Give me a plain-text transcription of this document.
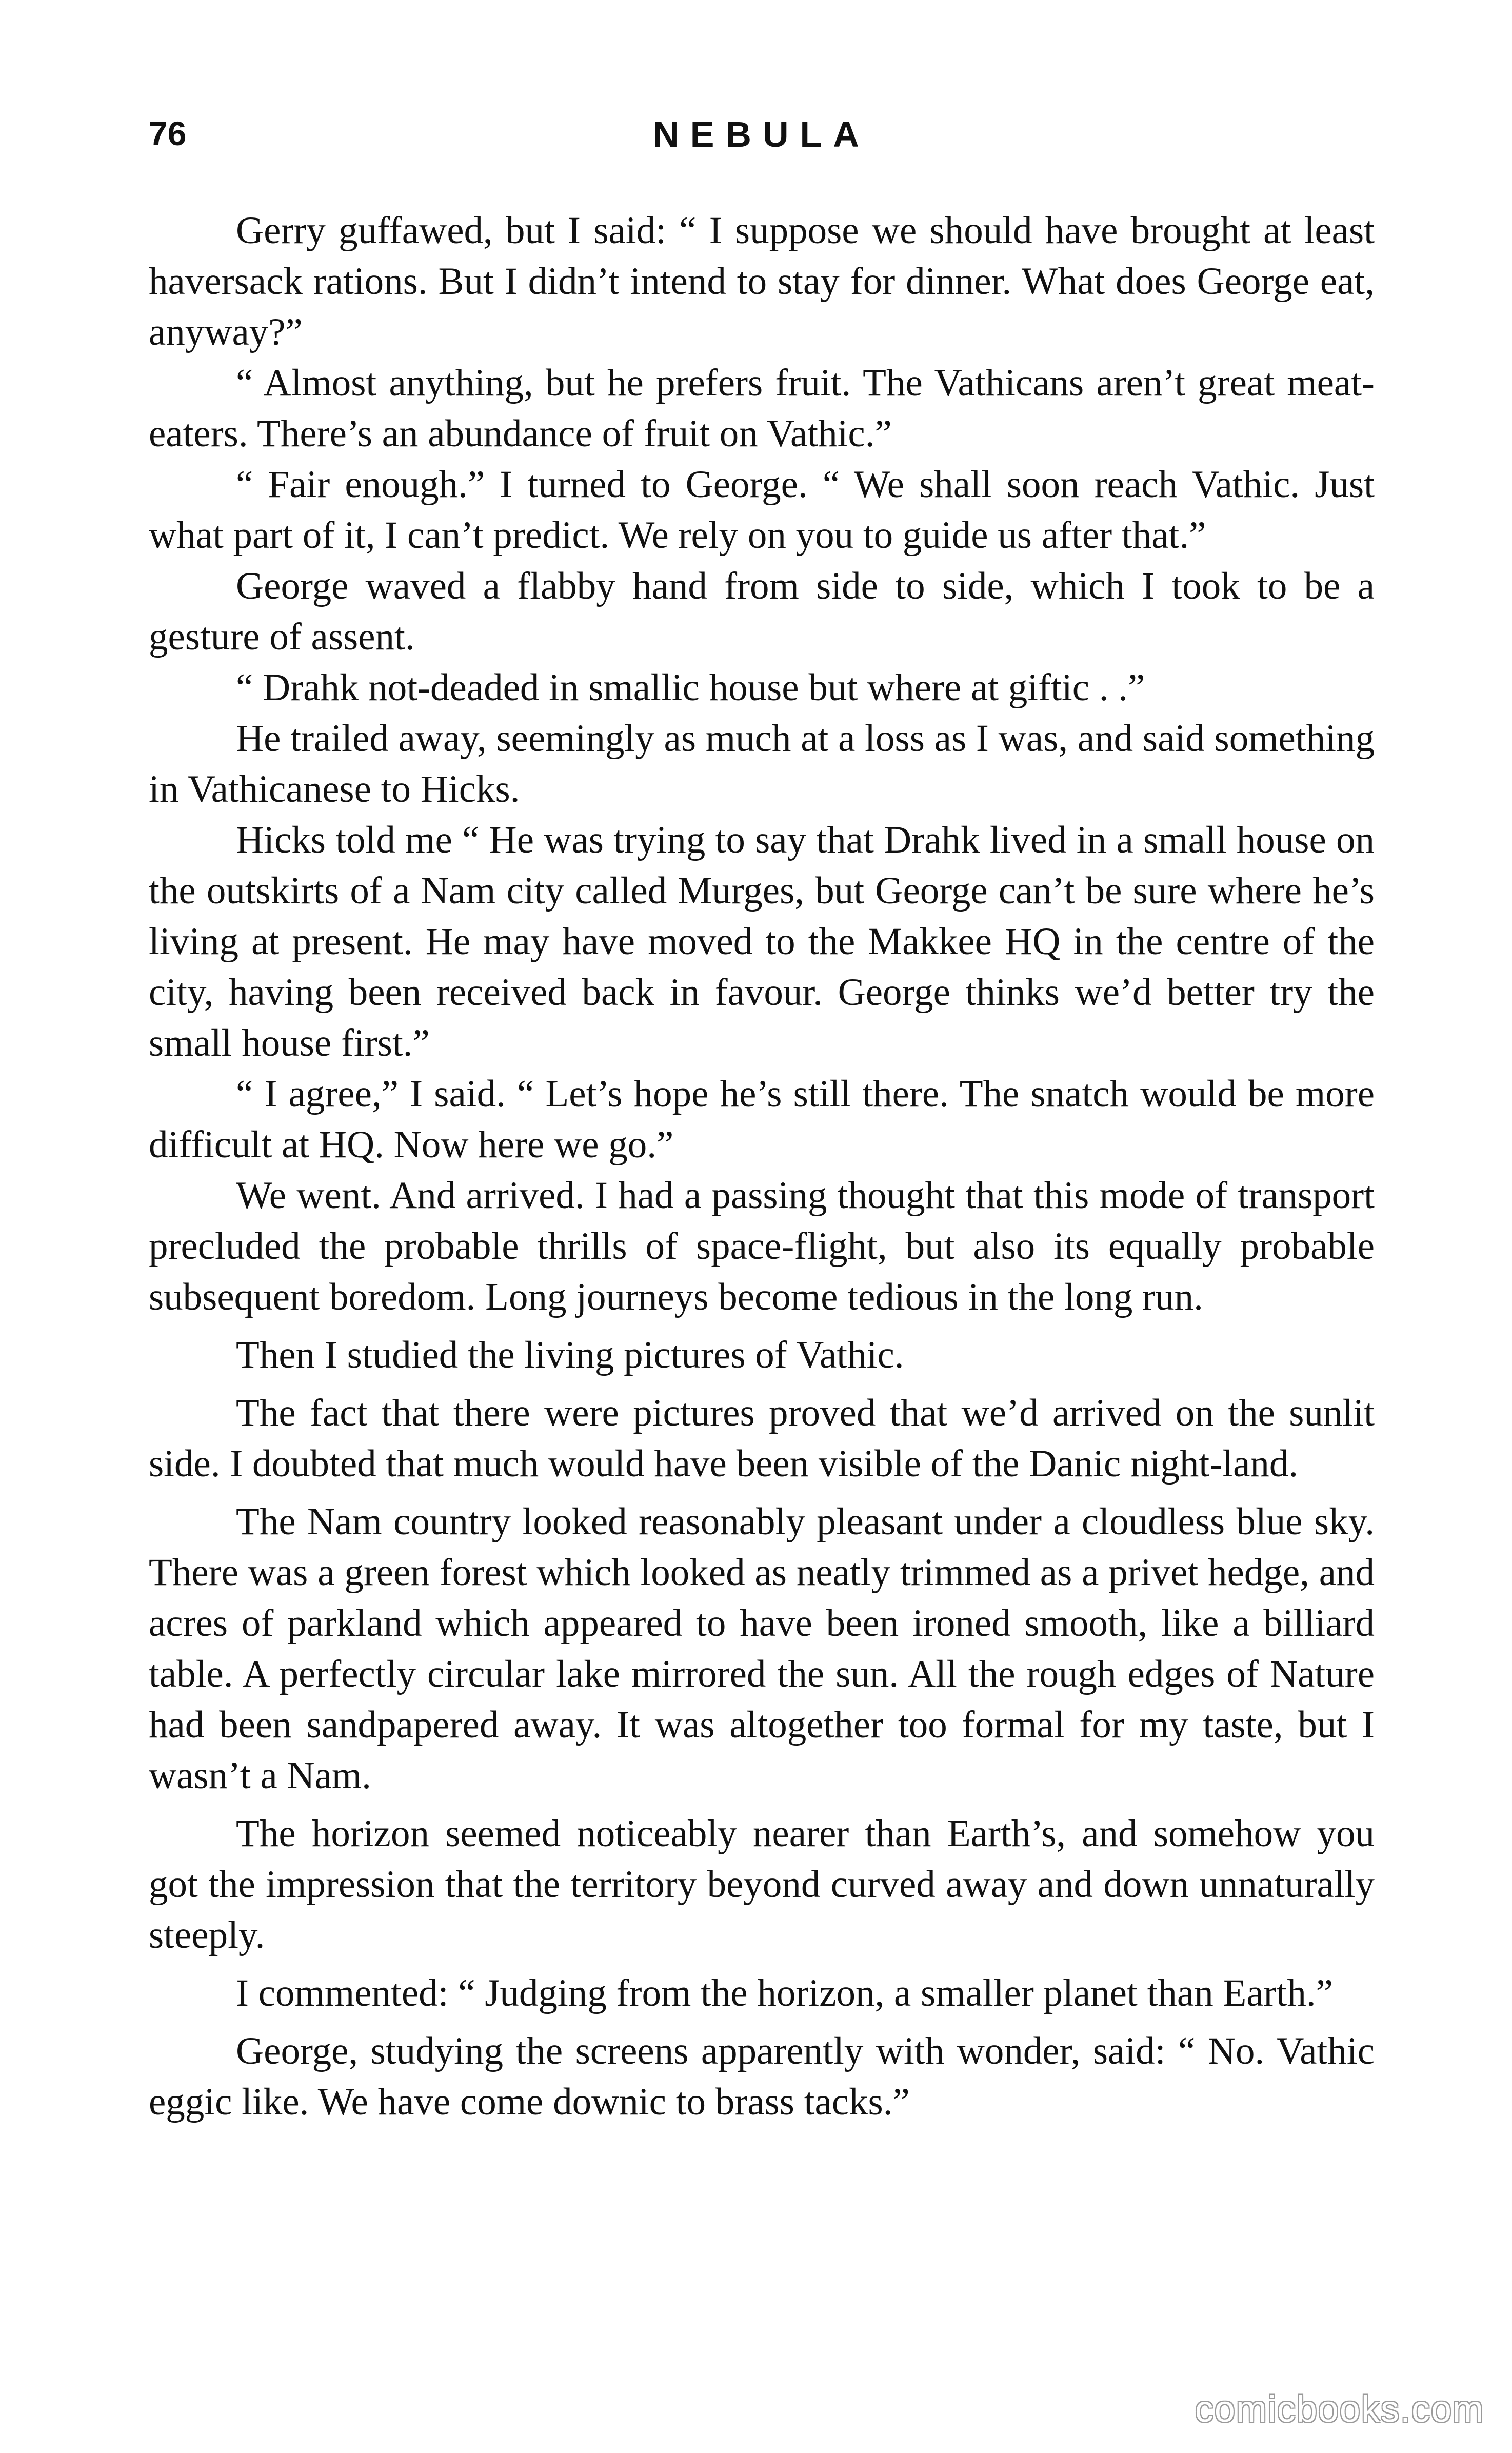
76	NEBULA

Gerry guffawed, but I said: “ I suppose we should have brought at least haversack rations. But I didn’t intend to stay for dinner. What does George eat, anyway?”

“ Almost anything, but he prefers fruit. The Vathicans aren’t great meat-eaters. There’s an abundance of fruit on Vathic.”

“ Fair enough.” I turned to George. “ We shall soon reach Vathic. Just what part of it, I can’t predict. We rely on you to guide us after that.”

George waved a flabby hand from side to side, which I took to be a gesture of assent.

“ Drahk not-deaded in smallic house but where at giftic . .”

He trailed away, seemingly as much at a loss as I was, and said something in Vathicanese to Hicks.

Hicks told me “ He was trying to say that Drahk lived in a small house on the outskirts of a Nam city called Murges, but George can’t be sure where he’s living at present. He may have moved to the Makkee HQ in the centre of the city, having been received back in favour. George thinks we’d better try the small house first.”

“ I agree,” I said. “ Let’s hope he’s still there. The snatch would be more difficult at HQ. Now here we go.”

We went. And arrived. I had a passing thought that this mode of transport precluded the probable thrills of space-flight, but also its equally probable subsequent boredom. Long journeys become tedious in the long run.

Then I studied the living pictures of Vathic.

The fact that there were pictures proved that we’d arrived on the sunlit side. I doubted that much would have been visible of the Danic night-land.

The Nam country looked reasonably pleasant under a cloudless blue sky. There was a green forest which looked as neatly trimmed as a privet hedge, and acres of parkland which appeared to have been ironed smooth, like a billiard table. A perfectly circular lake mirrored the sun. All the rough edges of Nature had been sandpapered away. It was altogether too formal for my taste, but I wasn’t a Nam.

The horizon seemed noticeably nearer than Earth’s, and somehow you got the impression that the territory beyond curved away and down unnaturally steeply.

I commented: “ Judging from the horizon, a smaller planet than Earth.”

George, studying the screens apparently with wonder, said: “ No. Vathic eggic like. We have come downic to brass tacks.”

comicbooks.com
